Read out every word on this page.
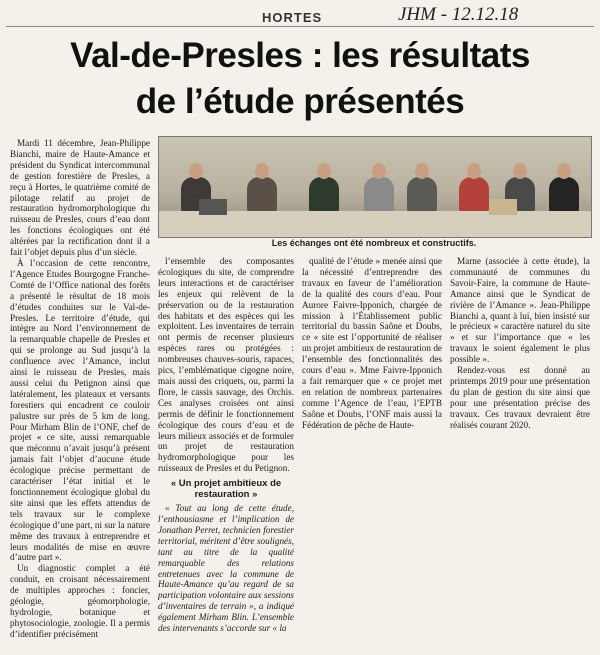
HORTES	JHM - 12.12.18
Val-de-Presles : les résultats
de l’étude présentés

Mardi 11 décembre, Jean-Philippe Bianchi, maire de Haute-Amance et président du Syndicat intercommunal de gestion forestière de Presles, a reçu à Hortes, le quatrième comité de pilotage relatif au projet de restauration hydromorphologique du ruisseau de Presles, cours d’eau dont les fonctions écologiques ont été altérées par la rectification dont il a fait l’objet depuis plus d’un siècle.

À l’occasion de cette rencontre, l’Agence Etudes Bourgogne Franche-Comté de l’Office national des forêts a présenté le résultat de 18 mois d’études conduites sur le Val-de-Presles. Le territoire d’étude, qui intègre au Nord l’environnement de la remarquable chapelle de Presles et qui se prolonge au Sud jusqu’à la confluence avec l’Amance, inclut ainsi le ruisseau de Presles, mais aussi celui du Petignon ainsi que latéralement, les plateaux et versants forestiers qui encadrent ce couloir palustre sur près de 5 km de long. Pour Mirham Blin de l’ONF, chef de projet « ce site, aussi remarquable que méconnu n’avait jusqu’à présent jamais fait l’objet d’aucune étude écologique précise permettant de caractériser l’état initial et le fonctionnement écologique global du site ainsi que les effets attendus de tels travaux sur le complexe écologique d’une part, ni sur la nature même des travaux à entreprendre et leurs modalités de mise en œuvre d’autre part ».

Un diagnostic complet a été conduit, en croisant nécessairement de multiples approches : foncier, géologie, géomorphologie, hydrologie, botanique et phytosociologie, zoologie. Il a permis d’identifier précisément

Les échanges ont été nombreux et constructifs.

l’ensemble des composantes écologiques du site, de comprendre leurs interactions et de caractériser les enjeux qui relèvent de la préservation ou de la restauration des habitats et des espèces qui les exploitent. Les inventaires de terrain ont permis de recenser plusieurs espèces rares ou protégées : nombreuses chauves-souris, rapaces, pics, l’emblématique cigogne noire, mais aussi des criquets, ou, parmi la flore, le cassis sauvage, des Orchis. Ces analyses croisées ont ainsi permis de définir le fonctionnement écologique des cours d’eau et de leurs milieux associés et de formuler un projet de restauration hydromorphologique pour les ruisseaux de Presles et du Petignon.

« Un projet ambitieux de restauration »

« Tout au long de cette étude, l’enthousiasme et l’implication de Jonathan Perret, technicien forestier territorial, méritent d’être soulignés, tant au titre de la qualité remarquable des relations entretenues avec la commune de Haute-Amance qu’au regard de sa participation volontaire aux sessions d’inventaires de terrain », a indiqué également Mirham Blin. L’ensemble des intervenants s’accorde sur « la

qualité de l’étude » menée ainsi que la nécessité d’entreprendre des travaux en faveur de l’amélioration de la qualité des cours d’eau. Pour Aurore Faivre-Ipponich, chargée de mission à l’Établissement public territorial du bassin Saône et Doubs, ce « site est l’opportunité de réaliser un projet ambitieux de restauration de l’ensemble des fonctionnalités des cours d’eau ». Mme Faivre-Ipponich a fait remarquer que « ce projet met en relation de nombreux partenaires comme l’Agence de l’eau, l’EPTB Saône et Doubs, l’ONF mais aussi la Fédération de pêche de Haute-

Marne (associée à cette étude), la communauté de communes du Savoir-Faire, la commune de Haute-Amance ainsi que le Syndicat de rivière de l’Amance ». Jean-Philippe Bianchi a, quant à lui, bien insisté sur le précieux « caractère naturel du site » et sur l’importance que « les travaux le soient également le plus possible ».

Rendez-vous est donné au printemps 2019 pour une présentation du plan de gestion du site ainsi que pour une présentation précise des travaux. Ces travaux devraient être réalisés courant 2020.
